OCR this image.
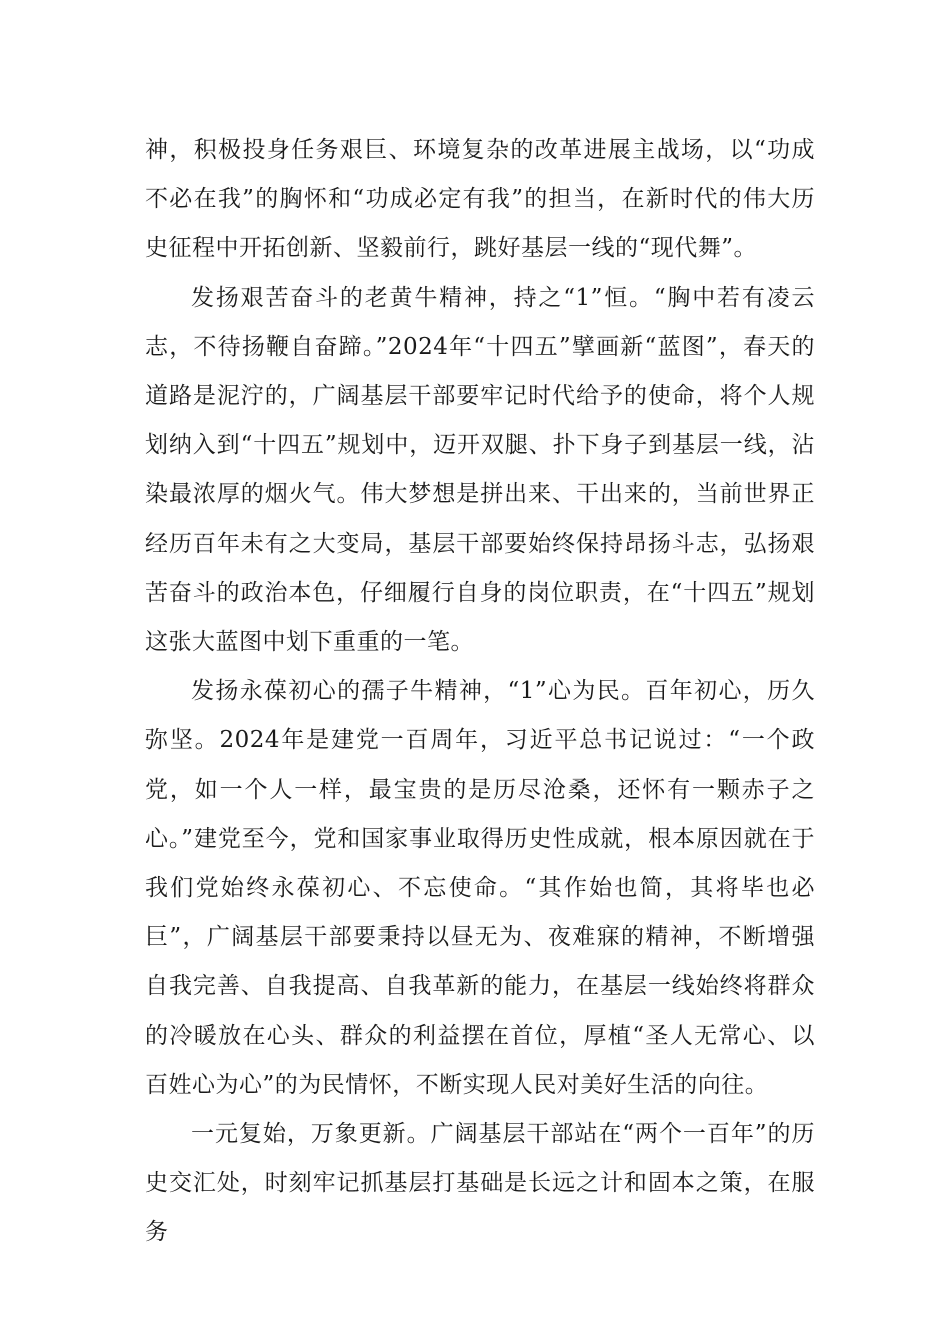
神，积极投身任务艰巨、环境复杂的改革进展主战场，以“功成不必在我”的胸怀和“功成必定有我”的担当，在新时代的伟大历史征程中开拓创新、坚毅前行，跳好基层一线的“现代舞”。

发扬艰苦奋斗的老黄牛精神，持之“1”恒。“胸中若有凌云志，不待扬鞭自奋蹄。”2024年“十四五”擘画新“蓝图”，春天的道路是泥泞的，广阔基层干部要牢记时代给予的使命，将个人规划纳入到“十四五”规划中，迈开双腿、扑下身子到基层一线，沾染最浓厚的烟火气。伟大梦想是拼出来、干出来的，当前世界正经历百年未有之大变局，基层干部要始终保持昂扬斗志，弘扬艰苦奋斗的政治本色，仔细履行自身的岗位职责，在“十四五”规划这张大蓝图中划下重重的一笔。

发扬永葆初心的孺子牛精神，“1”心为民。百年初心，历久弥坚。2024年是建党一百周年，习近平总书记说过：“一个政党，如一个人一样，最宝贵的是历尽沧桑，还怀有一颗赤子之心。”建党至今，党和国家事业取得历史性成就，根本原因就在于我们党始终永葆初心、不忘使命。“其作始也简，其将毕也必巨”，广阔基层干部要秉持以昼无为、夜难寐的精神，不断增强自我完善、自我提高、自我革新的能力，在基层一线始终将群众的冷暖放在心头、群众的利益摆在首位，厚植“圣人无常心、以百姓心为心”的为民情怀，不断实现人民对美好生活的向往。

一元复始，万象更新。广阔基层干部站在“两个一百年”的历史交汇处，时刻牢记抓基层打基础是长远之计和固本之策，在服务
